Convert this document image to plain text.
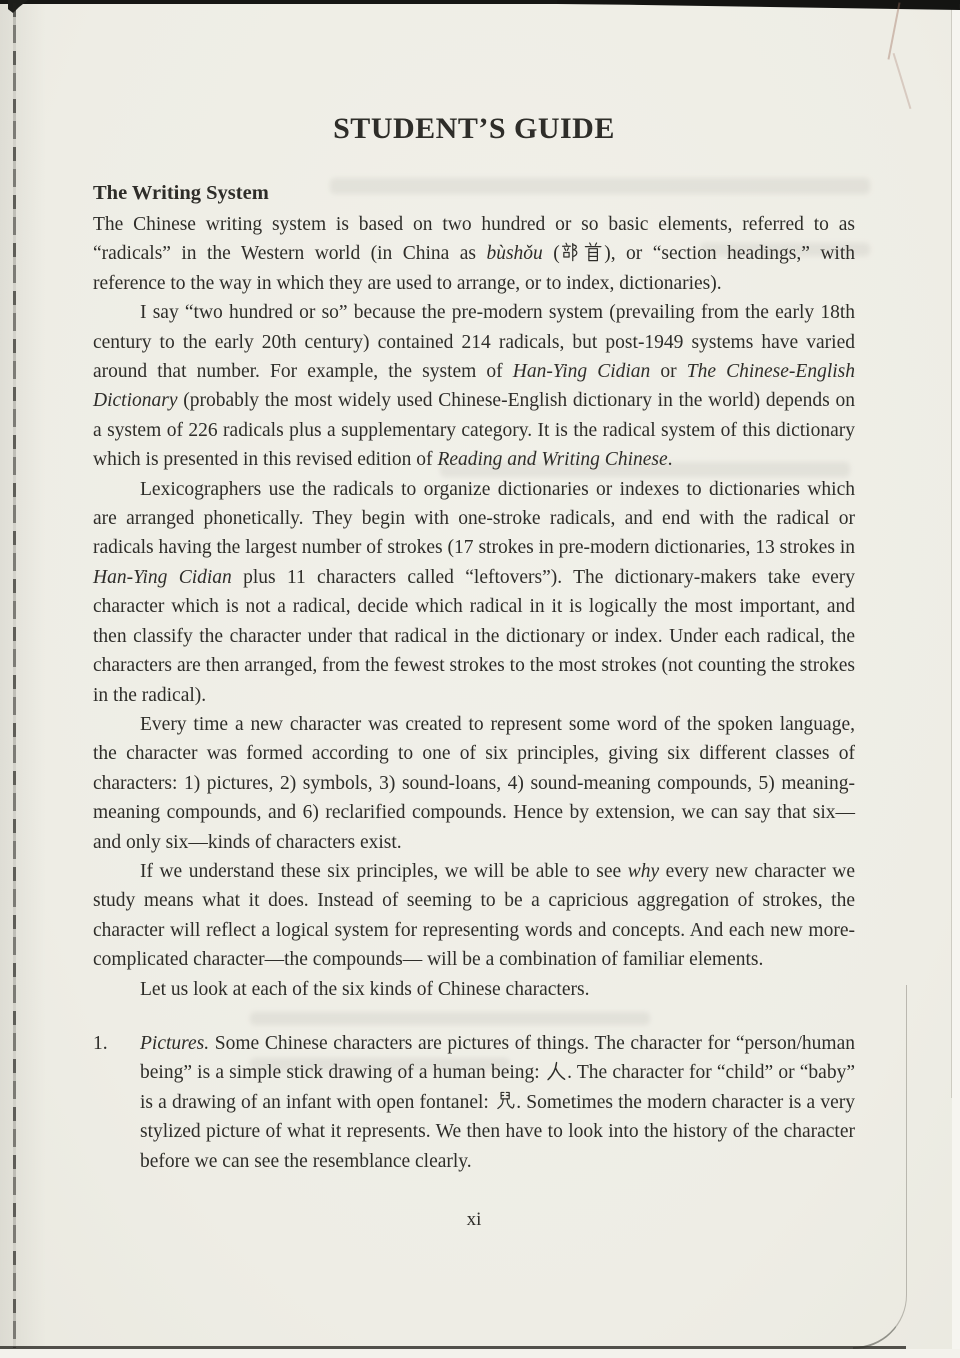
STUDENT’S GUIDE
The Writing System

The Chinese writing system is based on two hundred or so basic elements, referred to as “radicals” in the Western world (in China as bùshǒu ( ), or “section headings,” with reference to the way in which they are used to arrange, or to index, dictionaries).

I say “two hundred or so” because the pre-modern system (prevailing from the early 18th century to the early 20th century) contained 214 radicals, but post-1949 systems have varied around that number. For example, the system of Han-Ying Cidian or The Chinese-English Dictionary (probably the most widely used Chinese-English dictionary in the world) depends on a system of 226 radicals plus a supplementary category. It is the radical system of this dictionary which is presented in this revised edition of Reading and Writing Chinese.

Lexicographers use the radicals to organize dictionaries or indexes to dictionaries which are arranged phonetically. They begin with one-stroke radicals, and end with the radical or radicals having the largest number of strokes (17 strokes in pre-modern dictionaries, 13 strokes in Han-Ying Cidian plus 11 characters called “leftovers”). The dictionary-makers take every character which is not a radical, decide which radical in it is logically the most important, and then classify the character under that radical in the dictionary or index. Under each radical, the characters are then arranged, from the fewest strokes to the most strokes (not counting the strokes in the radical).

Every time a new character was created to represent some word of the spoken language, the character was formed according to one of six principles, giving six different classes of characters: 1) pictures, 2) symbols, 3) sound-loans, 4) sound-meaning compounds, 5) meaning-meaning compounds, and 6) reclarified compounds. Hence by extension, we can say that six—and only six—kinds of characters exist.

If we understand these six principles, we will be able to see why every new character we study means what it does. Instead of seeming to be a capricious aggregation of strokes, the character will reflect a logical system for representing words and concepts. And each new more-complicated character—the compounds— will be a combination of familiar elements.

Let us look at each of the six kinds of Chinese characters.

1.	Pictures. Some Chinese characters are pictures of things. The character for “person/human being” is a simple stick drawing of a human being:
. The character for “child” or “baby” is a drawing of an infant with open fontanel:
. Sometimes the modern character is a very stylized picture of what it represents. We then have to look into the history of the character before we can see the resemblance clearly.
xi
